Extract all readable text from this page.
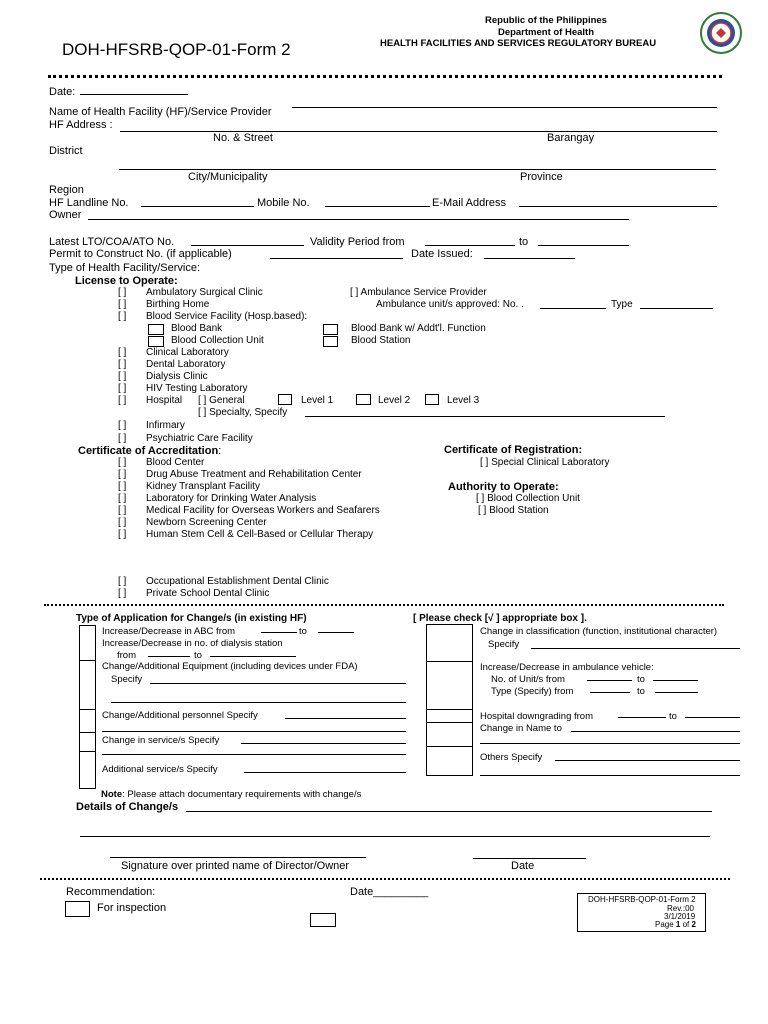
DOH-HFSRB-QOP-01-Form 2
Republic of the Philippines
Department of Health
HEALTH FACILITIES AND SERVICES REGULATORY BUREAU
Date:
Name of Health Facility (HF)/Service Provider
HF Address :
No. & Street	Barangay
District
City/Municipality	Province
Region
HF Landline No.	Mobile No.	E-Mail Address
Owner
Latest LTO/COA/ATO No.	Validity Period from	to
Permit to Construct No. (if applicable)	Date Issued:
Type of Health Facility/Service:
License to Operate:
[ ] Ambulatory Surgical Clinic
[ ] Birthing Home
[ ] Blood Service Facility (Hosp.based):
Blood Bank
Blood Collection Unit
Blood Bank w/ Addt'l. Function
Blood Station
[ ] Ambulance Service Provider
Ambulance unit/s approved: No. .	Type
[ ] Clinical Laboratory
[ ] Dental Laboratory
[ ] Dialysis Clinic
[ ] HIV Testing Laboratory
[ ] Hospital [ ] General	Level 1	Level 2	Level 3
[ ] Specialty, Specify
[ ] Infirmary
[ ] Psychiatric Care Facility
Certificate of Accreditation:
[ ] Blood Center
[ ] Drug Abuse Treatment and Rehabilitation Center
[ ] Kidney Transplant Facility
[ ] Laboratory for Drinking Water Analysis
[ ] Medical Facility for Overseas Workers and Seafarers
[ ] Newborn Screening Center
[ ] Human Stem Cell & Cell-Based or Cellular Therapy
Certificate of Registration:
[ ] Special Clinical Laboratory
Authority to Operate:
[ ] Blood Collection Unit
[ ] Blood Station
[ ] Occupational Establishment Dental Clinic
[ ] Private School Dental Clinic
Type of Application for Change/s (in existing HF)	[ Please check [√ ] appropriate box ].
Increase/Decrease in ABC from	to
Increase/Decrease in no. of dialysis station
from	to
Change/Additional Equipment (including devices under FDA)
Specify
Change/Additional personnel Specify
Change in service/s Specify
Additional service/s Specify
Change in classification (function, institutional character)
Specify
Increase/Decrease in ambulance vehicle:
No. of Unit/s from	to
Type (Specify) from	to
Hospital downgrading from	to
Change in Name to
Others Specify
Note: Please attach documentary requirements with change/s
Details of Change/s
Signature over printed name of Director/Owner	Date
Recommendation:	Date_________
For inspection
DOH-HFSRB-QOP-01-Form 2
Rev.:00
3/1/2019
Page 1 of 2
